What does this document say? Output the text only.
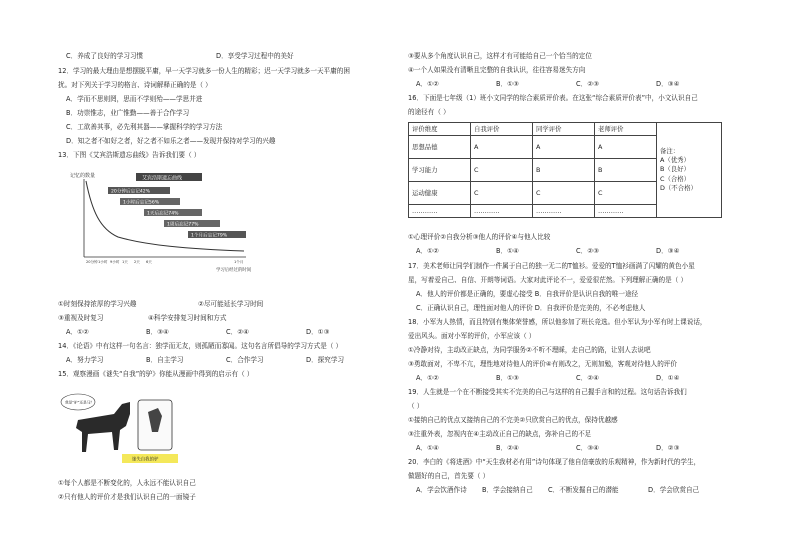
C．养成了良好的学习习惯	D．享受学习过程中的美好
12．学习的最大理由是想摆脱平庸，早一天学习就多一份人生的精彩；迟一天学习就多一天平庸的困
扰。对下列关于学习的格言、诗词解释正确的是（ ）
A．学而不思则罔，思而不学则殆——学思并进
B．功崇惟志，业广惟勤——善于合作学习
C．工欲善其事，必先利其器——掌握科学的学习方法
D．知之者不如好之者，好之者不如乐之者——发现并保持对学习的兴趣
13．下图《艾宾浩斯遗忘曲线》告诉我们要（ ）
记忆的数量	艾宾浩斯遗忘曲线
20分钟后忘记42%
1小时后忘记56%
1天后忘记74%
1周后忘记77%
1个月后忘记79%
20分钟 1小时 9小时 1天 2天 6天	1个月
学习后经过的时间
①时刻保持浓厚的学习兴趣	②尽可能延长学习时间
③重视及时复习	④科学安排复习时间和方式
A．①②	B．③④	C．②④	D．①③
14．《论语》中有这样一句名言：独学而无友，则孤陋而寡闻。这句名言所倡导的学习方式是（ ）
A．努力学习	B．自主学习	C．合作学习	D．探究学习
15．观察漫画《谜失“自我”的驴》你能从漫画中得到的启示有（ ）
我是“驴”还是马？
迷失自我的驴
①每个人都是不断变化的，人永远不能认识自己
②只有他人的评价才是我们认识自己的一面镜子
③要从多个角度认识自己，这样才有可能给自己一个恰当的定位
④一个人如果没有清晰且完整的自我认识，往往容易迷失方向
A．①②	B．①③	C．②③	D．③④
16．下面是七年级（1）班小文同学的综合素质评价表。在这张“综合素质评价表”中，小文认识自己
的途径有（ ）
评价维度	自我评价	同学评价	老师评价	备注：
A（优秀）
B（良好）
C（合格）
D（不合格）

思想品德	A	A	A	
学习能力	C	B	B	
运动健康	C	C	C	
…………	…………	…………	…………	
①心理评价②自我分析③他人的评价④与他人比较
A．①②	B．①④	C．②③	D．③④
17．美术老师让同学们制作一件属于自己的独一无二的T恤衫。爱爱的T恤衫画满了闪耀的黄色小星
星，写着爱自己、自信、开朗等词语。大家对此评论不一，爱爱很茫然。下列理解正确的是（ ）
A．他人的评价都是正确的，要虚心接受 B．自我评价是认识自我的唯一途径
C．正确认识自己，理性面对他人的评价 D．自我评价是完美的，不必考虑他人
18．小军为人热情，而且特别有集体荣誉感，所以他参加了班长竞选。但小军认为小军有时上课说话，
爱出风头。面对小军的评价，小军应该（ ）
①冷静对待，主动改正缺点，为同学服务②不听不理睬，走自己的路，让别人去说吧
③勇敢面对，不卑不亢，理性地对待他人的评价④有则改之，无则加勉，客观对待他人的评价
A．①②	B．①③	C．②④	D．①④
19．人生就是一个在不断接受其实不完美的自己与这样的自己握手言和的过程。这句话告诉我们
（ ）
①接纳自己的优点又接纳自己的不完美②只欣赏自己的优点，保持优越感
③注重外表，忽视内在④主动改正自己的缺点，弥补自己的不足
A．①④	B．②④	C．③④	D．②③
20．李白的《将进酒》中“天生我材必有用”诗句体现了他自信豪放的乐观精神，作为新时代的学生，
做题好的自己，首先要（ ）
A．学会饮酒作诗 B．学会接纳自己 C．不断发掘自己的潜能	D．学会欣赏自己
